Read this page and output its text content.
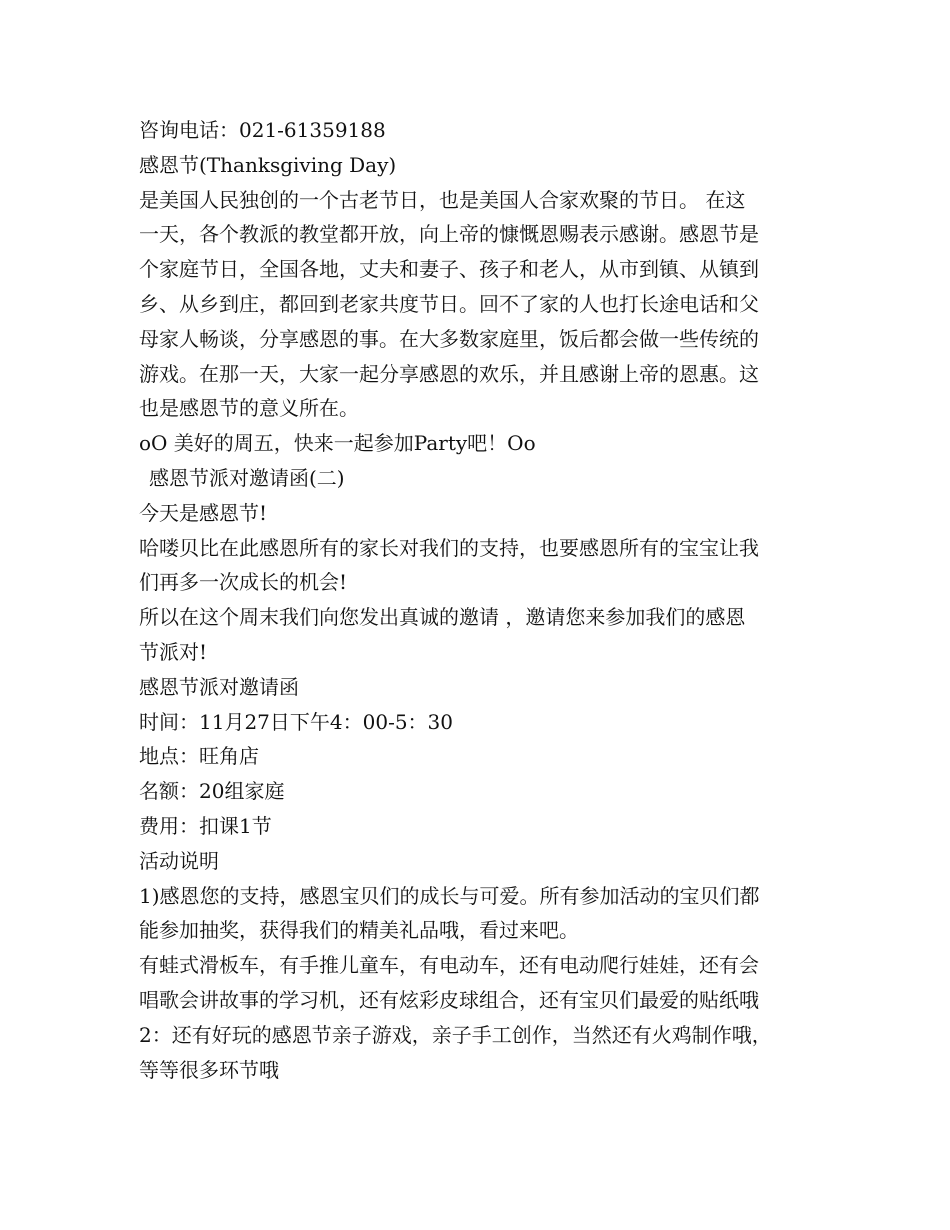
咨询电话：021-61359188
感恩节(Thanksgiving Day)
是美国人民独创的一个古老节日，也是美国人合家欢聚的节日。 在这
一天，各个教派的教堂都开放，向上帝的慷慨恩赐表示感谢。感恩节是
个家庭节日，全国各地，丈夫和妻子、孩子和老人，从市到镇、从镇到
乡、从乡到庄，都回到老家共度节日。回不了家的人也打长途电话和父
母家人畅谈，分享感恩的事。在大多数家庭里，饭后都会做一些传统的
游戏。在那一天，大家一起分享感恩的欢乐，并且感谢上帝的恩惠。这
也是感恩节的意义所在。
oO 美好的周五，快来一起参加Party吧！Oo
感恩节派对邀请函(二)
今天是感恩节!
哈喽贝比在此感恩所有的家长对我们的支持，也要感恩所有的宝宝让我
们再多一次成长的机会!
所以在这个周末我们向您发出真诚的邀请 ，邀请您来参加我们的感恩
节派对!
感恩节派对邀请函
时间：11月27日下午4：00-5：30
地点：旺角店
名额：20组家庭
费用：扣课1节
活动说明
1)感恩您的支持，感恩宝贝们的成长与可爱。所有参加活动的宝贝们都
能参加抽奖，获得我们的精美礼品哦，看过来吧。
有蛙式滑板车，有手推儿童车，有电动车，还有电动爬行娃娃，还有会
唱歌会讲故事的学习机，还有炫彩皮球组合，还有宝贝们最爱的贴纸哦
2：还有好玩的感恩节亲子游戏，亲子手工创作，当然还有火鸡制作哦，
等等很多环节哦
